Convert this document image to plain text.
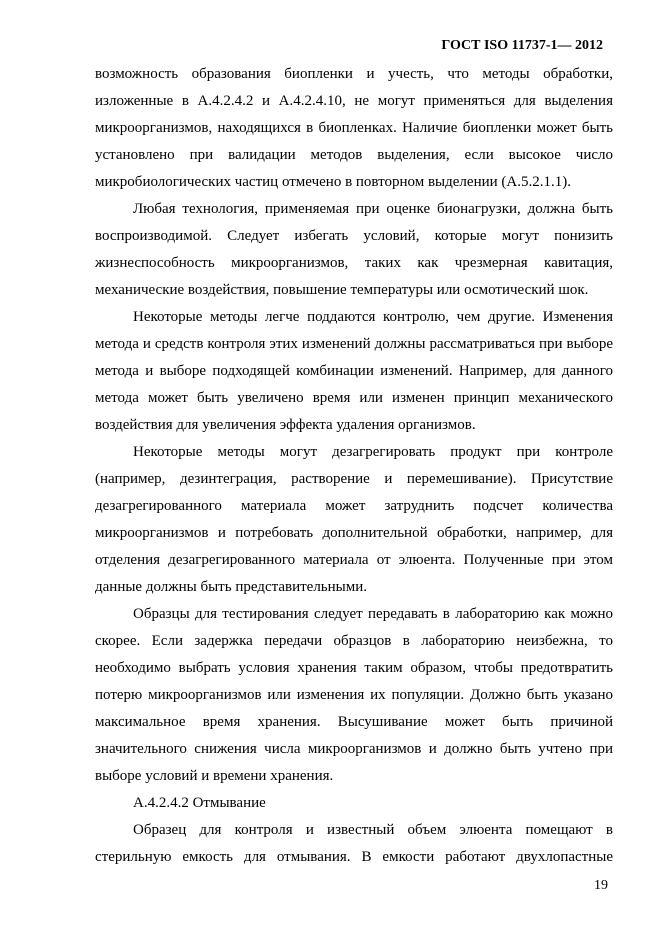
ГОСТ ISO 11737-1— 2012

возможность образования биопленки и учесть, что методы обработки, изложенные в А.4.2.4.2 и А.4.2.4.10, не могут применяться для выделения микроорганизмов, находящихся в биопленках. Наличие биопленки может быть установлено при валидации методов выделения, если высокое число микробиологических частиц отмечено в повторном выделении (А.5.2.1.1).

Любая технология, применяемая при оценке бионагрузки, должна быть воспроизводимой. Следует избегать условий, которые могут понизить жизнеспособность микроорганизмов, таких как чрезмерная кавитация, механические воздействия, повышение температуры или осмотический шок.

Некоторые методы легче поддаются контролю, чем другие. Изменения метода и средств контроля этих изменений должны рассматриваться при выборе метода и выборе подходящей комбинации изменений. Например, для данного метода может быть увеличено время или изменен принцип механического воздействия для увеличения эффекта удаления организмов.

Некоторые методы могут дезагрегировать продукт при контроле (например, дезинтеграция, растворение и перемешивание). Присутствие дезагрегированного материала может затруднить подсчет количества микроорганизмов и потребовать дополнительной обработки, например, для отделения дезагрегированного материала от элюента. Полученные при этом данные должны быть представительными.

Образцы для тестирования следует передавать в лабораторию как можно скорее. Если задержка передачи образцов в лабораторию неизбежна, то необходимо выбрать условия хранения таким образом, чтобы предотвратить потерю микроорганизмов или изменения их популяции. Должно быть указано максимальное время хранения. Высушивание может быть причиной значительного снижения числа микроорганизмов и должно быть учтено при выборе условий и времени хранения.

А.4.2.4.2 Отмывание

Образец для контроля и известный объем элюента помещают в стерильную емкость для отмывания. В емкости работают двухлопастные

19
